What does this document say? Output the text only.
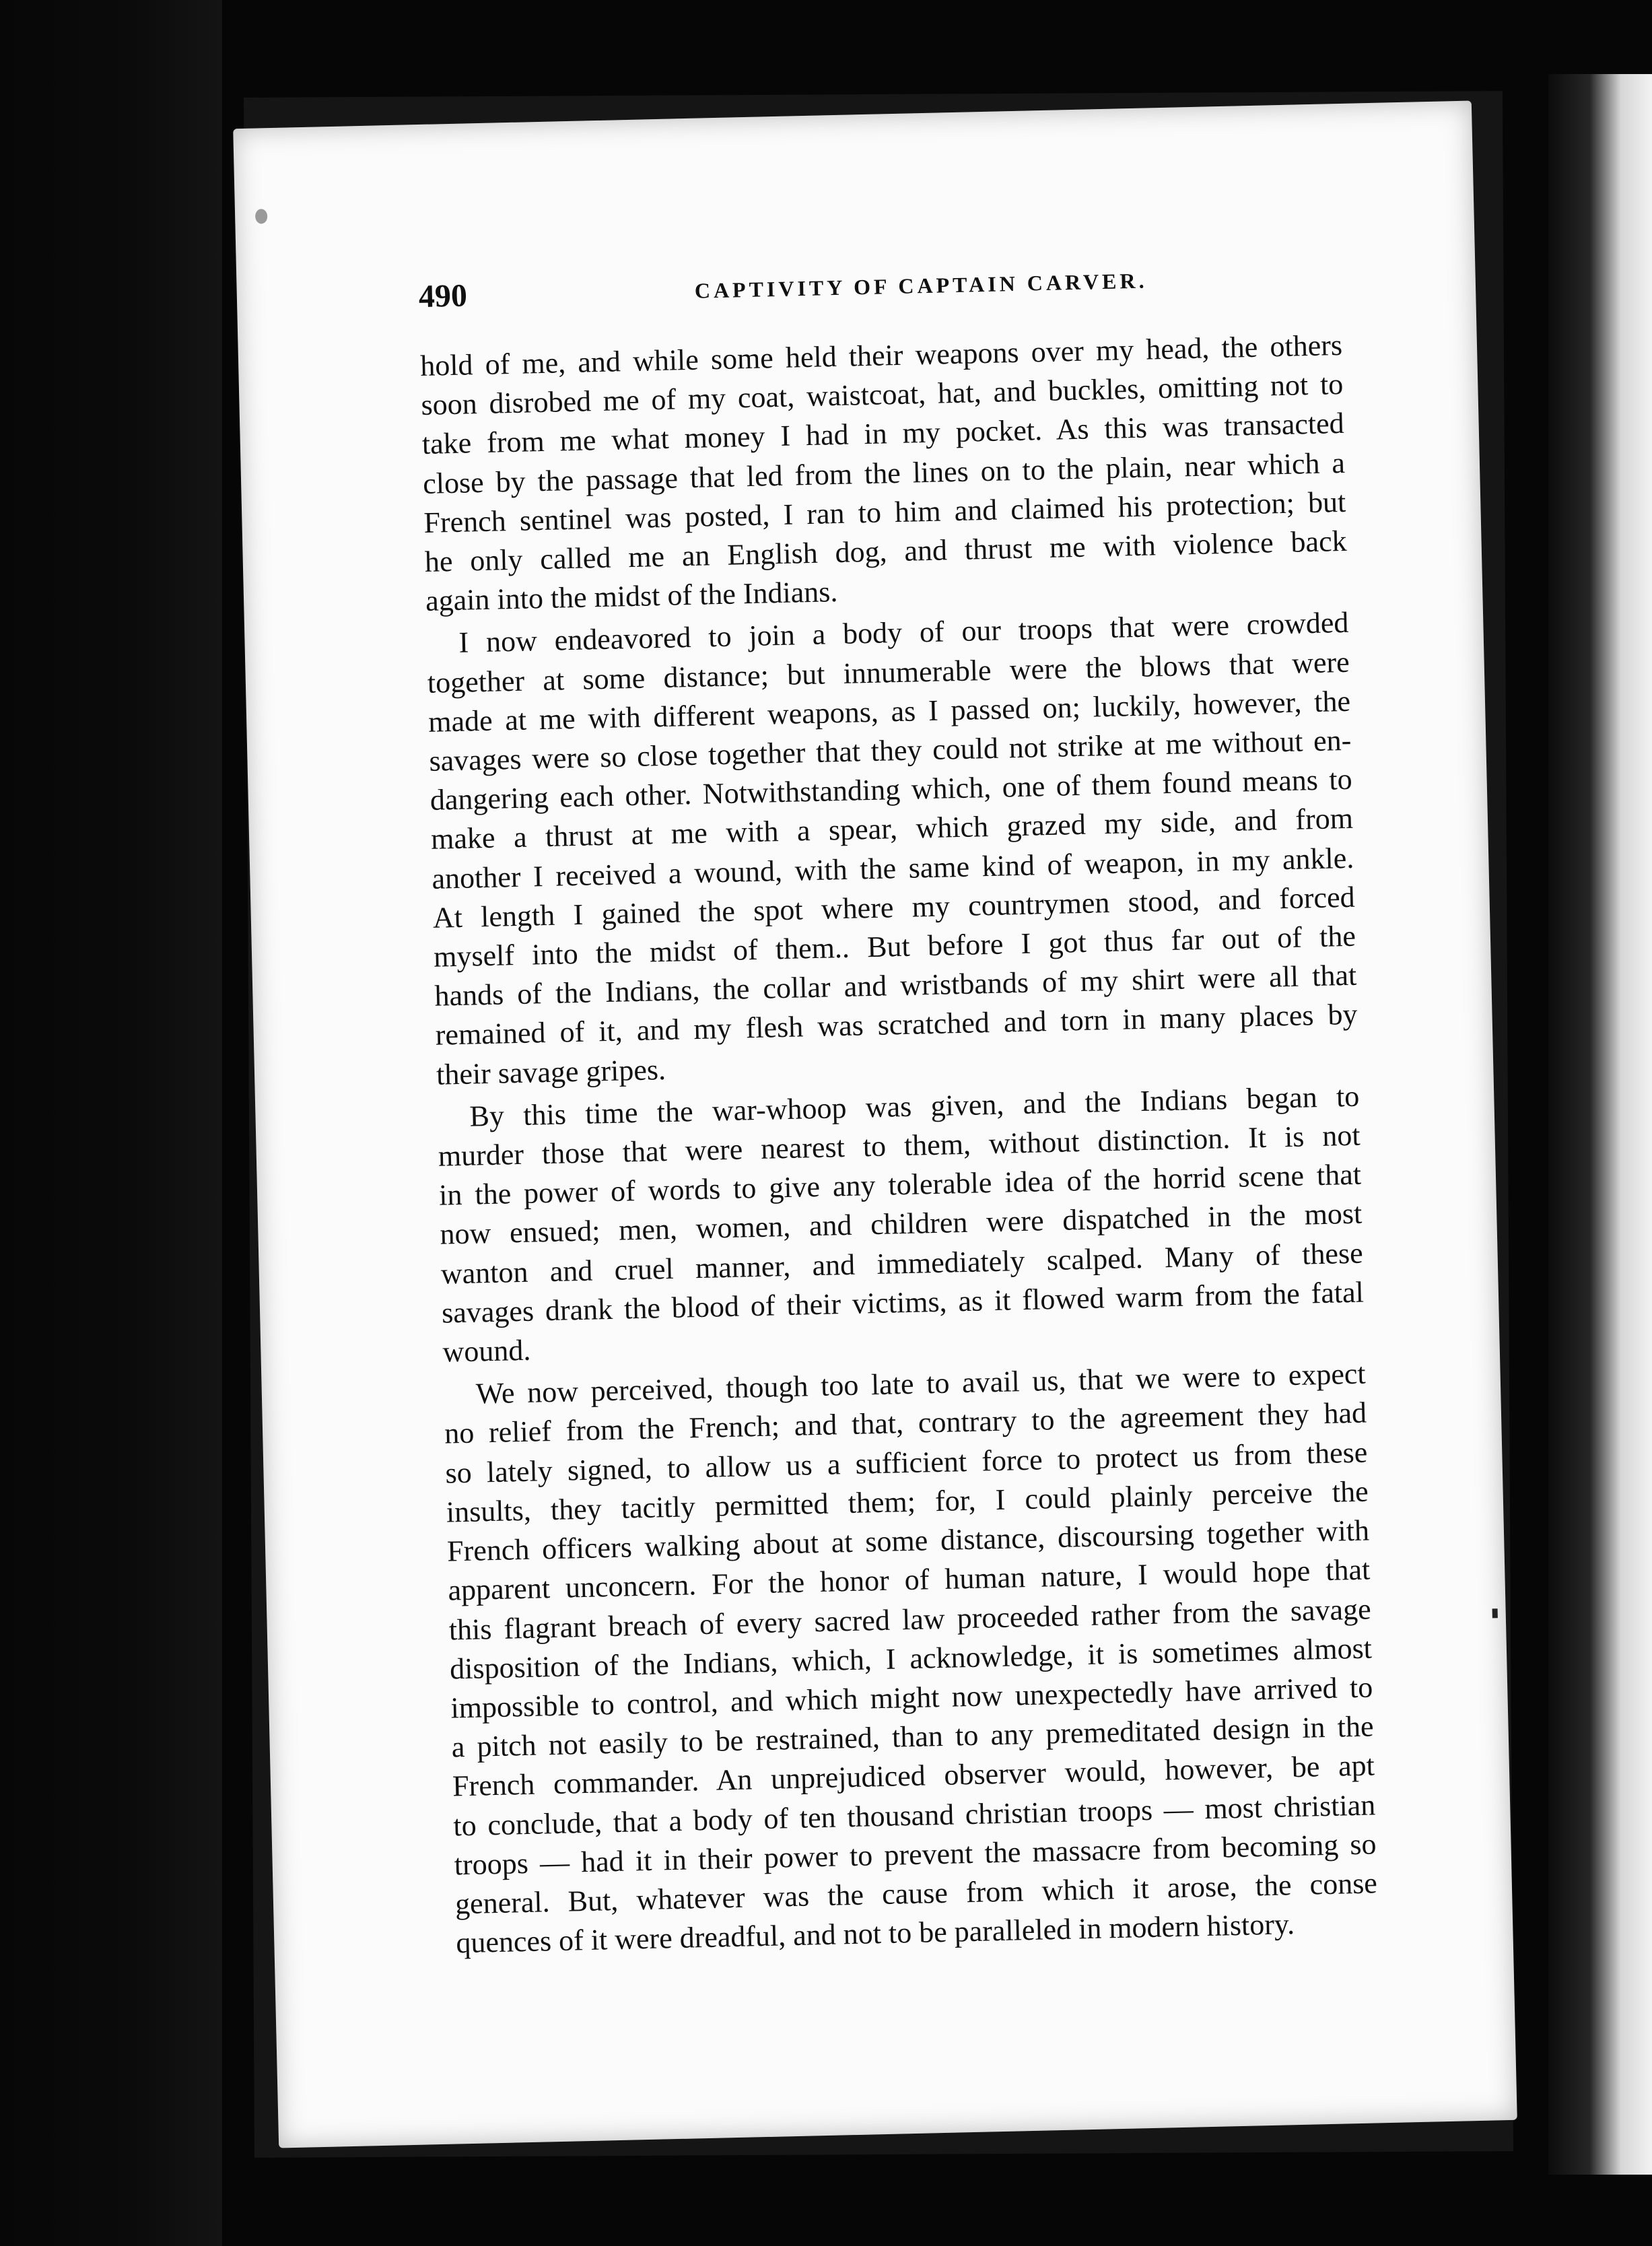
490	CAPTIVITY OF CAPTAIN CARVER.
hold of me, and while some held their weapons over my head, the others
soon disrobed me of my coat, waistcoat, hat, and buckles, omitting not to
take from me what money I had in my pocket. As this was transacted
close by the passage that led from the lines on to the plain, near which a
French sentinel was posted, I ran to him and claimed his protection; but
he only called me an English dog, and thrust me with violence back
again into the midst of the Indians.
I now endeavored to join a body of our troops that were crowded
together at some distance; but innumerable were the blows that were
made at me with different weapons, as I passed on; luckily, however, the
savages were so close together that they could not strike at me without en-
dangering each other. Notwithstanding which, one of them found means to
make a thrust at me with a spear, which grazed my side, and from
another I received a wound, with the same kind of weapon, in my ankle.
At length I gained the spot where my countrymen stood, and forced
myself into the midst of them.. But before I got thus far out of the
hands of the Indians, the collar and wristbands of my shirt were all that
remained of it, and my flesh was scratched and torn in many places by
their savage gripes.
By this time the war-whoop was given, and the Indians began to
murder those that were nearest to them, without distinction. It is not
in the power of words to give any tolerable idea of the horrid scene that
now ensued; men, women, and children were dispatched in the most
wanton and cruel manner, and immediately scalped. Many of these
savages drank the blood of their victims, as it flowed warm from the fatal
wound.
We now perceived, though too late to avail us, that we were to expect
no relief from the French; and that, contrary to the agreement they had
so lately signed, to allow us a sufficient force to protect us from these
insults, they tacitly permitted them; for, I could plainly perceive the
French officers walking about at some distance, discoursing together with
apparent unconcern. For the honor of human nature, I would hope that
this flagrant breach of every sacred law proceeded rather from the savage
disposition of the Indians, which, I acknowledge, it is sometimes almost
impossible to control, and which might now unexpectedly have arrived to
a pitch not easily to be restrained, than to any premeditated design in the
French commander. An unprejudiced observer would, however, be apt
to conclude, that a body of ten thousand christian troops — most christian
troops — had it in their power to prevent the massacre from becoming so
general. But, whatever was the cause from which it arose, the conse
quences of it were dreadful, and not to be paralleled in modern history.
